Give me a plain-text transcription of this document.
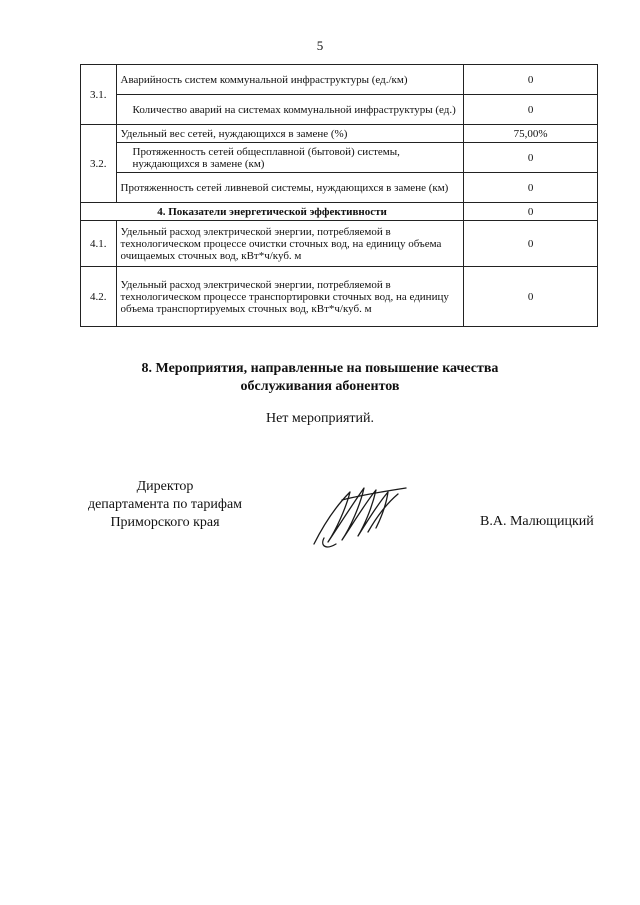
5
3.1.	Аварийность систем коммунальной инфраструктуры (ед./км)	0
	Количество аварий на системах коммунальной инфраструктуры (ед.)	0
3.2.	Удельный вес сетей, нуждающихся в замене (%)	75,00%
	Протяженность сетей общесплавной (бытовой) системы, нуждающихся в замене (км)	0
	Протяженность сетей ливневой системы, нуждающихся в замене (км)	0
4. Показатели энергетической эффективности		0
4.1.	Удельный расход электрической энергии, потребляемой в технологическом процессе очистки сточных вод, на единицу объема очищаемых сточных вод, кВт*ч/куб. м	0
4.2.	Удельный расход электрической энергии, потребляемой в технологическом процессе транспортировки сточных вод, на единицу объема транспортируемых сточных вод, кВт*ч/куб. м	0
8. Мероприятия, направленные на повышение качества
обслуживания абонентов
Нет мероприятий.
Директор
департамента по тарифам
Приморского края	В.А. Малющицкий
